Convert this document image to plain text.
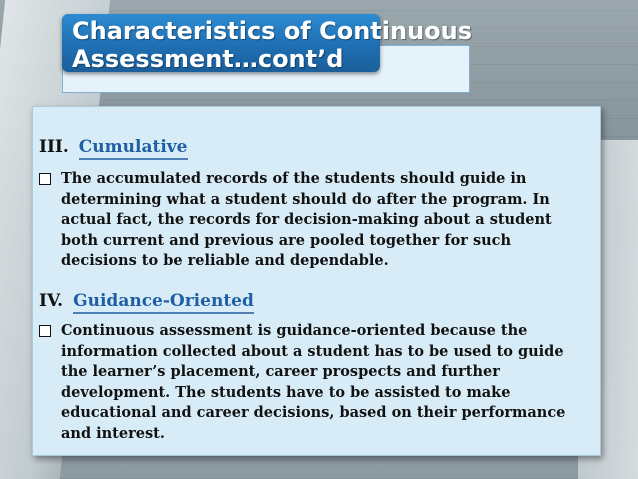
Characteristics of Continuous
Assessment…cont’d
III. Cumulative
The accumulated records of the students should guide in determining what a student should do after the program. In actual fact, the records for decision-making about a student both current and previous are pooled together for such decisions to be reliable and dependable.
IV. Guidance-Oriented
Continuous assessment is guidance-oriented because the information collected about a student has to be used to guide the learner’s placement, career prospects and further development. The students have to be assisted to make educational and career decisions, based on their performance and interest.
